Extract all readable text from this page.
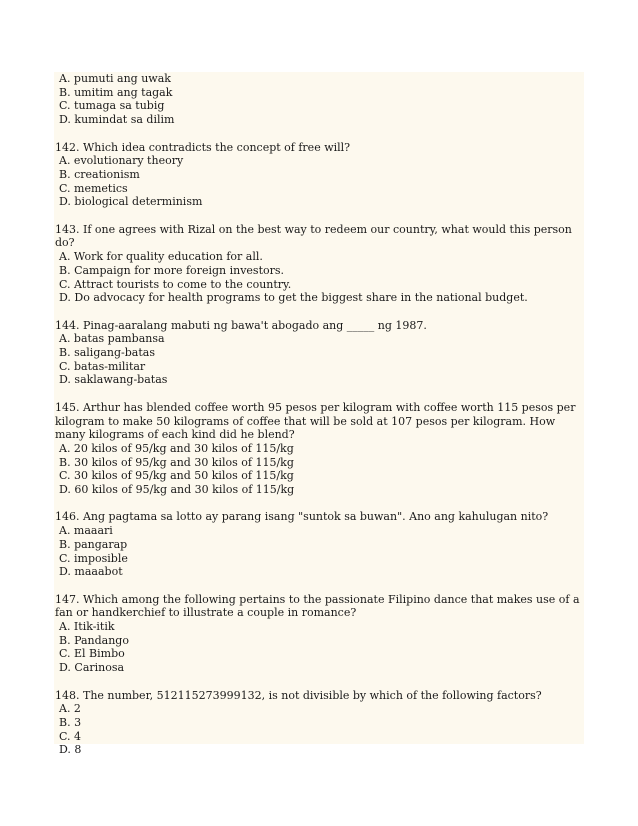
A. pumuti ang uwak
B. umitim ang tagak
C. tumaga sa tubig
D. kumindat sa dilim
142. Which idea contradicts the concept of free will?
A. evolutionary theory
B. creationism
C. memetics
D. biological determinism
143. If one agrees with Rizal on the best way to redeem our country, what would this person do?
A. Work for quality education for all.
B. Campaign for more foreign investors.
C. Attract tourists to come to the country.
D. Do advocacy for health programs to get the biggest share in the national budget.
144. Pinag-aaralang mabuti ng bawa't abogado ang _____ ng 1987.
A. batas pambansa
B. saligang-batas
C. batas-militar
D. saklawang-batas
145. Arthur has blended coffee worth 95 pesos per kilogram with coffee worth 115 pesos per kilogram to make 50 kilograms of coffee that will be sold at 107 pesos per kilogram. How many kilograms of each kind did he blend?
A. 20 kilos of 95/kg and 30 kilos of 115/kg
B. 30 kilos of 95/kg and 30 kilos of 115/kg
C. 30 kilos of 95/kg and 50 kilos of 115/kg
D. 60 kilos of 95/kg and 30 kilos of 115/kg
146. Ang pagtama sa lotto ay parang isang "suntok sa buwan". Ano ang kahulugan nito?
A. maaari
B. pangarap
C. imposible
D. maaabot
147. Which among the following pertains to the passionate Filipino dance that makes use of a fan or handkerchief to illustrate a couple in romance?
A. Itik-itik
B. Pandango
C. El Bimbo
D. Carinosa
148. The number, 512115273999132, is not divisible by which of the following factors?
A. 2
B. 3
C. 4
D. 8
